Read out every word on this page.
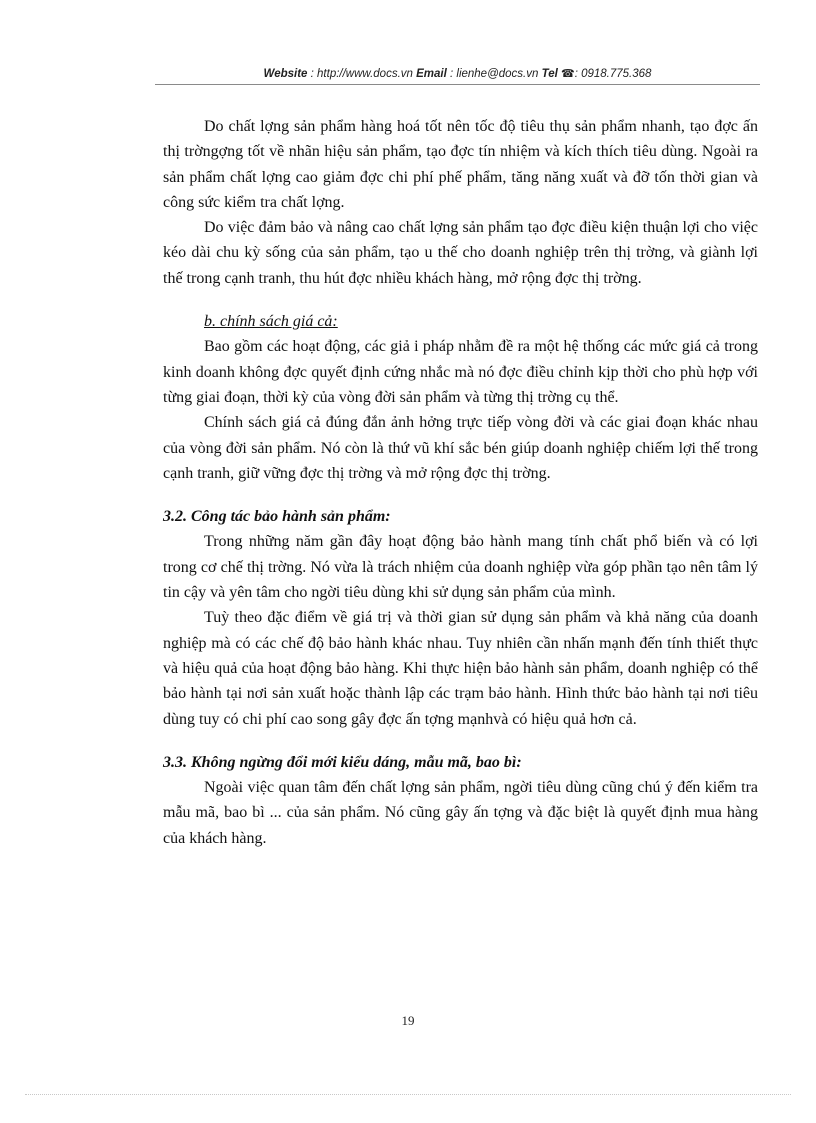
Website : http://www.docs.vn Email : lienhe@docs.vn Tel ☎: 0918.775.368

Do chất lợng sản phẩm hàng hoá tốt nên tốc độ tiêu thụ sản phẩm nhanh, tạo đợc ấn thị trờngợng tốt về nhãn hiệu sản phẩm, tạo đợc tín nhiệm và kích thích tiêu dùng. Ngoài ra sản phẩm chất lợng cao giảm đợc chi phí phế phẩm, tăng năng xuất và đỡ tốn thời gian và công sức kiểm tra chất lợng.

Do việc đảm bảo và nâng cao chất lợng sản phẩm tạo đợc điều kiện thuận lợi cho việc kéo dài chu kỳ sống của sản phẩm, tạo u thế cho doanh nghiệp trên thị trờng, và giành lợi thế trong cạnh tranh, thu hút đợc nhiều khách hàng, mở rộng đợc thị trờng.

b. chính sách giá cả:

Bao gồm các hoạt động, các giả i pháp nhằm đề ra một hệ thống các mức giá cả trong kinh doanh không đợc quyết định cứng nhắc mà nó đợc điều chỉnh kịp thời cho phù hợp với từng giai đoạn, thời kỳ của vòng đời sản phẩm và từng thị trờng cụ thể.

Chính sách giá cả đúng đắn ảnh hởng trực tiếp vòng đời và các giai đoạn khác nhau của vòng đời sản phẩm. Nó còn là thứ vũ khí sắc bén giúp doanh nghiệp chiếm lợi thế trong cạnh tranh, giữ vững đợc thị trờng và mở rộng đợc thị trờng.

3.2. Công tác bảo hành sản phẩm:

Trong những năm gần đây hoạt động bảo hành mang tính chất phổ biến và có lợi trong cơ chế thị trờng. Nó vừa là trách nhiệm của doanh nghiệp vừa góp phần tạo nên tâm lý tin cậy và yên tâm cho ngời tiêu dùng khi sử dụng sản phẩm của mình.

Tuỳ theo đặc điểm về giá trị và thời gian sử dụng sản phẩm và khả năng của doanh nghiệp mà có các chế độ bảo hành khác nhau. Tuy nhiên cần nhấn mạnh đến tính thiết thực và hiệu quả của hoạt động bảo hàng. Khi thực hiện bảo hành sản phẩm, doanh nghiệp có thể bảo hành tại nơi sản xuất hoặc thành lập các trạm bảo hành. Hình thức bảo hành tại nơi tiêu dùng tuy có chi phí cao song gây đợc ấn tợng mạnhvà có hiệu quả hơn cả.

3.3. Không ngừng đổi mới kiểu dáng, mẫu mã, bao bì:

Ngoài việc quan tâm đến chất lợng sản phẩm, ngời tiêu dùng cũng chú ý đến kiểm tra mẫu mã, bao bì ... của sản phẩm. Nó cũng gây ấn tợng và đặc biệt là quyết định mua hàng của khách hàng.

19
